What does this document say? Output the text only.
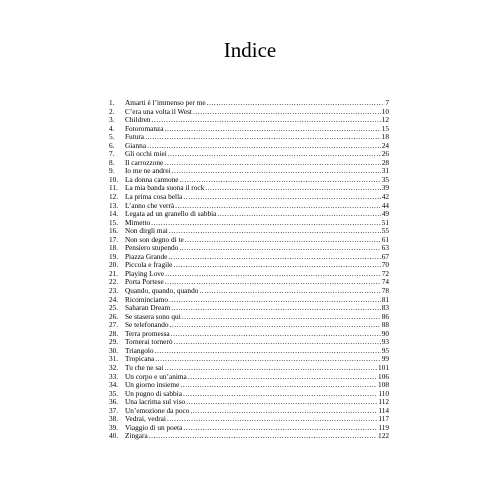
Indice
1.	Amarti è l’immenso per me .....	7
2.	C’era una volta il West .....	10
3.	Children .....	12
4.	Fotoromanza .....	15
5.	Futura .....	18
6.	Gianna .....	24
7.	Gli occhi miei .....	26
8.	Il carrozzone .....	28
9.	Io me ne andrei .....	31
10. La donna cannone .....	35
11. La mia banda suona il rock .....	39
12. La prima cosa bella .....	42
13. L’anno che verrà .....	44
14. Legata ad un granello di sabbia .....	49
15. Mimetto .....	51
16. Non dirgli mai .....	55
17. Non son degno di te .....	61
18. Pensiero stupendo .....	63
19. Piazza Grande .....	67
20. Piccola e fragile .....	70
21. Playing Love .....	72
22. Porta Portese .....	74
23. Quando, quando, quando .....	78
24. Ricominciamo .....	81
25. Saharan Dream .....	83
26. Se stasera sono qui .....	86
27. Se telefonando .....	88
28. Terra promessa .....	90
29. Tornerai tornerò .....	93
30. Triangolo .....	95
31. Tropicana .....	99
32. Tu che ne sai .....	101
33. Un corpo e un’anima .....	106
34. Un giorno insieme .....	108
35. Un pugno di sabbia .....	110
36. Una lacrima sul viso .....	112
37. Un’emozione da poco .....	114
38. Vedrai, vedrai .....	117
39. Viaggio di un poeta .....	119
40. Zingara .....	122
